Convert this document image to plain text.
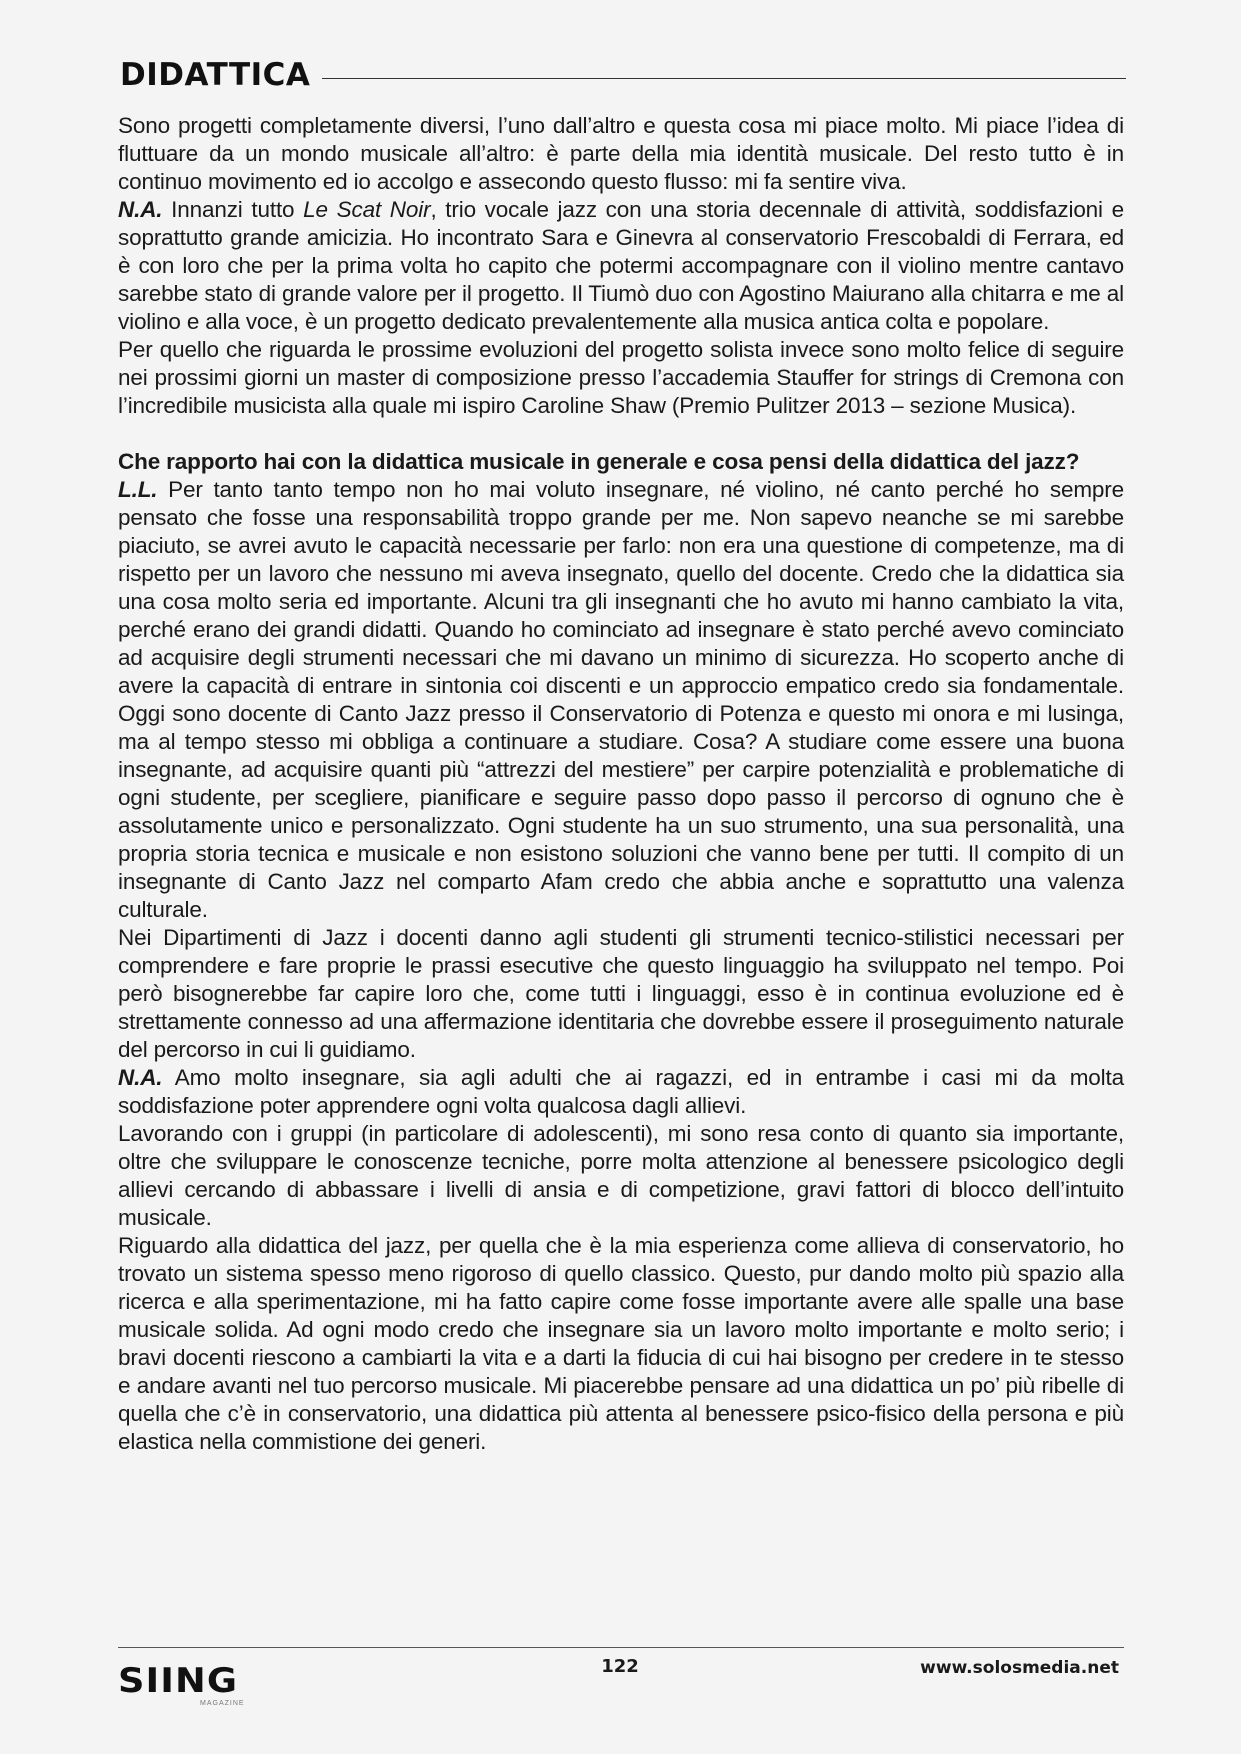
DIDATTICA

Sono progetti completamente diversi, l’uno dall’altro e questa cosa mi piace molto. Mi piace l’idea di fluttuare da un mondo musicale all’altro: è parte della mia identità musicale. Del resto tutto è in continuo movimento ed io accolgo e assecondo questo flusso: mi fa sentire viva.

N.A. Innanzi tutto Le Scat Noir, trio vocale jazz con una storia decennale di attività, soddisfazioni e soprattutto grande amicizia. Ho incontrato Sara e Ginevra al conservatorio Frescobaldi di Ferrara, ed è con loro che per la prima volta ho capito che potermi accompagnare con il violino mentre cantavo sarebbe stato di grande valore per il progetto. Il Tiumò duo con Agostino Maiurano alla chitarra e me al violino e alla voce, è un progetto dedicato prevalentemente alla musica antica colta e popolare.

Per quello che riguarda le prossime evoluzioni del progetto solista invece sono molto felice di seguire nei prossimi giorni un master di composizione presso l’accademia Stauffer for strings di Cremona con l’incredibile musicista alla quale mi ispiro Caroline Shaw (Premio Pulitzer 2013 – sezione Musica).

Che rapporto hai con la didattica musicale in generale e cosa pensi della didattica del jazz?

L.L. Per tanto tanto tempo non ho mai voluto insegnare, né violino, né canto perché ho sempre pensato che fosse una responsabilità troppo grande per me. Non sapevo neanche se mi sarebbe piaciuto, se avrei avuto le capacità necessarie per farlo: non era una questione di competenze, ma di rispetto per un lavoro che nessuno mi aveva insegnato, quello del docente. Credo che la didattica sia una cosa molto seria ed importante. Alcuni tra gli insegnanti che ho avuto mi hanno cambiato la vita, perché erano dei grandi didatti. Quando ho cominciato ad insegnare è stato perché avevo cominciato ad acquisire degli strumenti necessari che mi davano un minimo di sicurezza. Ho scoperto anche di avere la capacità di entrare in sintonia coi discenti e un approccio empatico credo sia fondamentale. Oggi sono docente di Canto Jazz presso il Conservatorio di Potenza e questo mi onora e mi lusinga, ma al tempo stesso mi obbliga a continuare a studiare. Cosa? A studiare come essere una buona insegnante, ad acquisire quanti più “attrezzi del mestiere” per carpire potenzialità e problematiche di ogni studente, per scegliere, pianificare e seguire passo dopo passo il percorso di ognuno che è assolutamente unico e personalizzato. Ogni studente ha un suo strumento, una sua personalità, una propria storia tecnica e musicale e non esistono soluzioni che vanno bene per tutti. Il compito di un insegnante di Canto Jazz nel comparto Afam credo che abbia anche e soprattutto una valenza culturale.

Nei Dipartimenti di Jazz i docenti danno agli studenti gli strumenti tecnico-stilistici necessari per comprendere e fare proprie le prassi esecutive che questo linguaggio ha sviluppato nel tempo. Poi però bisognerebbe far capire loro che, come tutti i linguaggi, esso è in continua evoluzione ed è strettamente connesso ad una affermazione identitaria che dovrebbe essere il proseguimento naturale del percorso in cui li guidiamo.

N.A. Amo molto insegnare, sia agli adulti che ai ragazzi, ed in entrambe i casi mi da molta soddisfazione poter apprendere ogni volta qualcosa dagli allievi.

Lavorando con i gruppi (in particolare di adolescenti), mi sono resa conto di quanto sia importante, oltre che sviluppare le conoscenze tecniche, porre molta attenzione al benessere psicologico degli allievi cercando di abbassare i livelli di ansia e di competizione, gravi fattori di blocco dell’intuito musicale.

Riguardo alla didattica del jazz, per quella che è la mia esperienza come allieva di conservatorio, ho trovato un sistema spesso meno rigoroso di quello classico. Questo, pur dando molto più spazio alla ricerca e alla sperimentazione, mi ha fatto capire come fosse importante avere alle spalle una base musicale solida. Ad ogni modo credo che insegnare sia un lavoro molto importante e molto serio; i bravi docenti riescono a cambiarti la vita e a darti la fiducia di cui hai bisogno per credere in te stesso e andare avanti nel tuo percorso musicale. Mi piacerebbe pensare ad una didattica un po’ più ribelle di quella che c’è in conservatorio, una didattica più attenta al benessere psico-fisico della persona e più elastica nella commistione dei generi.

SIING
MAGAZINE
122	www.solosmedia.net
